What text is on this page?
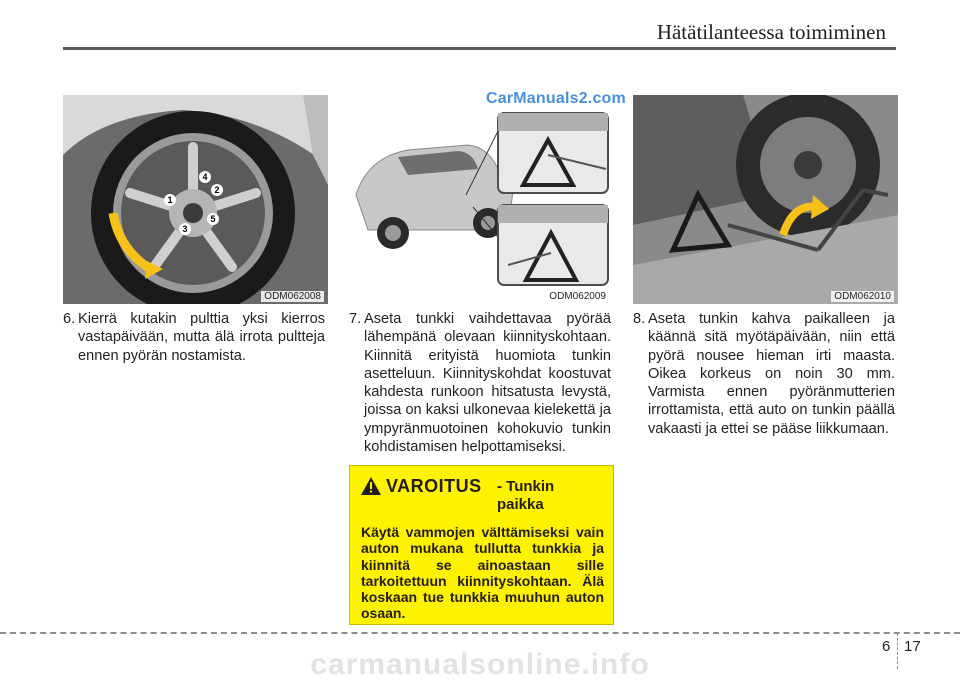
Hätätilanteessa toimiminen
1
2
3
4
5
ODM062008	ODM062009	ODM062010
CarManuals2.com
6. Kierrä kutakin pulttia yksi kierros vastapäivään, mutta älä irrota pultteja ennen pyörän nostamista.
7. Aseta tunkki vaihdettavaa pyörää lähempänä olevaan kiinnityskohtaan. Kiinnitä erityistä huomiota tunkin asetteluun. Kiinnityskohdat koostuvat kahdesta runkoon hitsatusta levystä, joissa on kaksi ulkonevaa kielekettä ja ympyränmuotoinen kohokuvio tunkin kohdistamisen helpottamiseksi.
8. Aseta tunkin kahva paikalleen ja käännä sitä myötäpäivään, niin että pyörä nousee hieman irti maasta. Oikea korkeus on noin 30 mm. Varmista ennen pyöränmutterien irrottamista, että auto on tunkin päällä vakaasti ja ettei se pääse liikkumaan.
VAROITUS - Tunkin paikka
Käytä vammojen välttämiseksi vain auton mukana tullutta tunkkia ja kiinnitä se ainoastaan sille tarkoitettuun kiinnityskohtaan. Älä koskaan tue tunkkia muuhun auton osaan.
6 17
carmanualsonline.info
